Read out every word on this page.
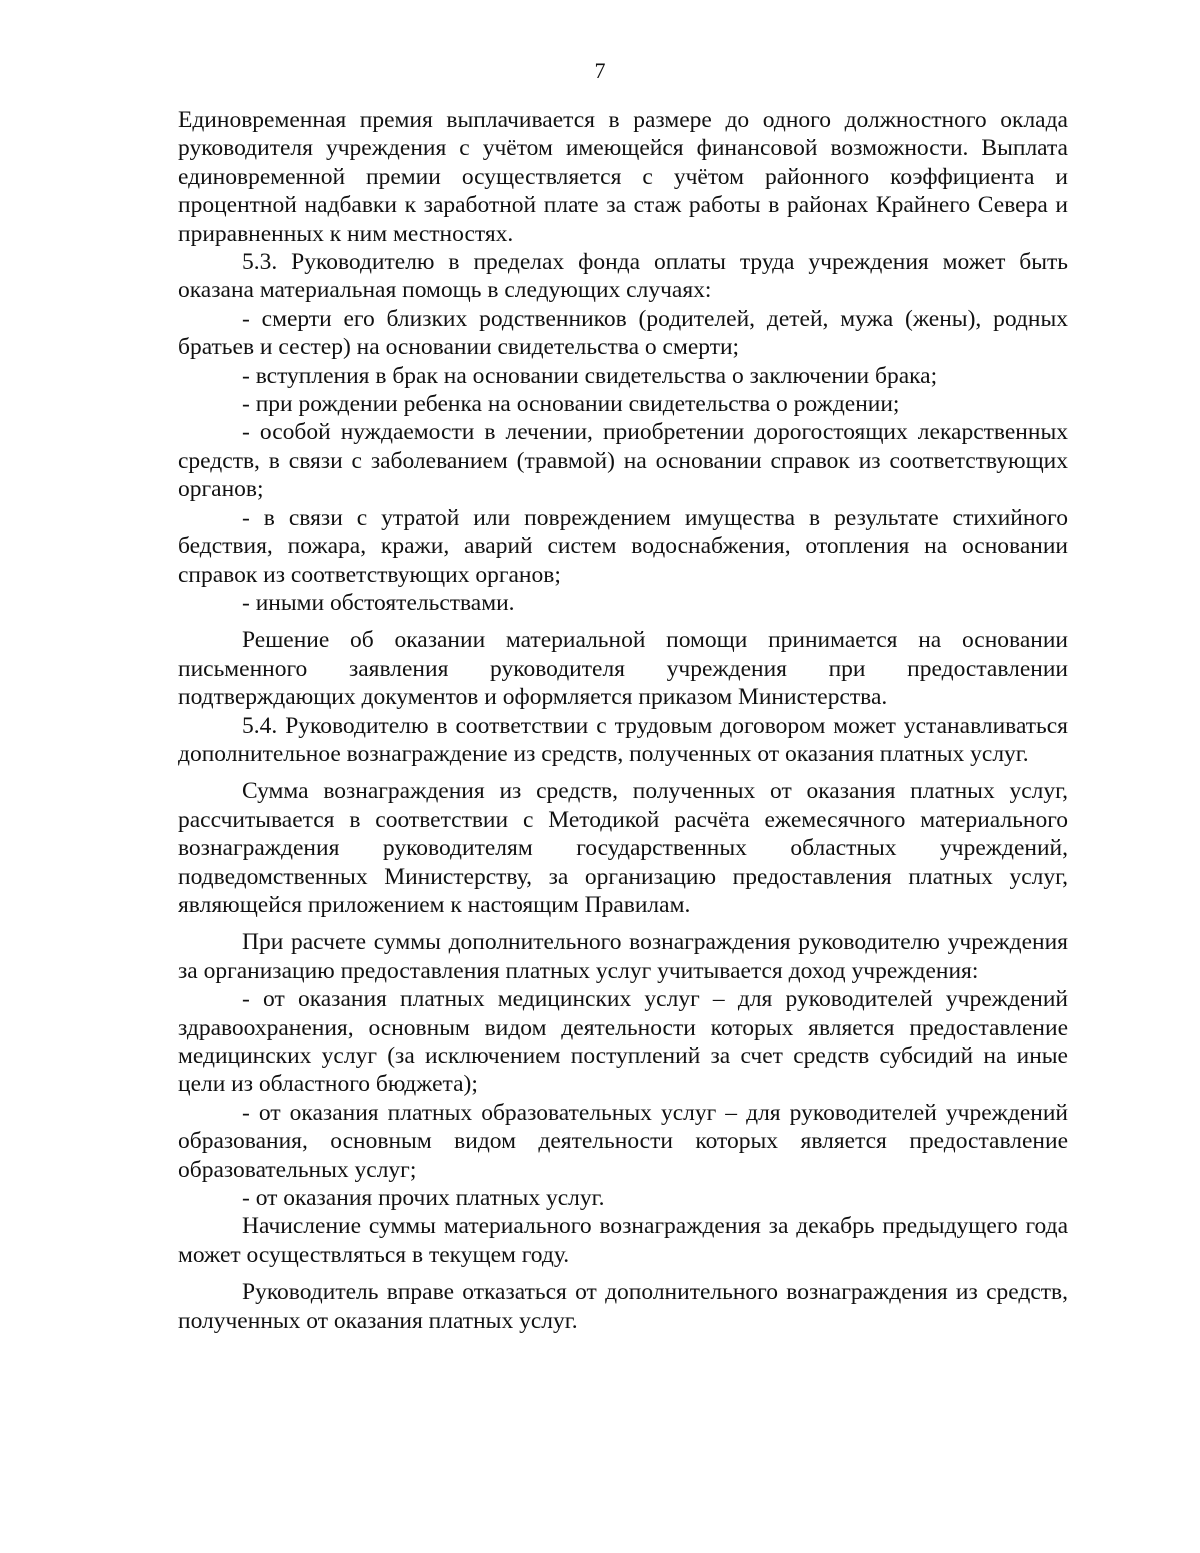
7

Единовременная премия выплачивается в размере до одного должностного оклада руководителя учреждения с учётом имеющейся финансовой возможности. Выплата единовременной премии осуществляется с учётом районного коэффициента и процентной надбавки к заработной плате за стаж работы в районах Крайнего Севера и приравненных к ним местностях.

5.3. Руководителю в пределах фонда оплаты труда учреждения может быть оказана материальная помощь в следующих случаях:

- смерти его близких родственников (родителей, детей, мужа (жены), родных братьев и сестер) на основании свидетельства о смерти;

- вступления в брак на основании свидетельства о заключении брака;

- при рождении ребенка на основании свидетельства о рождении;

- особой нуждаемости в лечении, приобретении дорогостоящих лекарственных средств, в связи с заболеванием (травмой) на основании справок из соответствующих органов;

- в связи с утратой или повреждением имущества в результате стихийного бедствия, пожара, кражи, аварий систем водоснабжения, отопления на основании справок из соответствующих органов;

- иными обстоятельствами.

Решение об оказании материальной помощи принимается на основании письменного заявления руководителя учреждения при предоставлении подтверждающих документов и оформляется приказом Министерства.

5.4. Руководителю в соответствии с трудовым договором может устанавливаться дополнительное вознаграждение из средств, полученных от оказания платных услуг.

Сумма вознаграждения из средств, полученных от оказания платных услуг, рассчитывается в соответствии с Методикой расчёта ежемесячного материального вознаграждения руководителям государственных областных учреждений, подведомственных Министерству, за организацию предоставления платных услуг, являющейся приложением к настоящим Правилам.

При расчете суммы дополнительного вознаграждения руководителю учреждения за организацию предоставления платных услуг учитывается доход учреждения:

- от оказания платных медицинских услуг – для руководителей учреждений здравоохранения, основным видом деятельности которых является предоставление медицинских услуг (за исключением поступлений за счет средств субсидий на иные цели из областного бюджета);

- от оказания платных образовательных услуг – для руководителей учреждений образования, основным видом деятельности которых является предоставление образовательных услуг;

- от оказания прочих платных услуг.

Начисление суммы материального вознаграждения за декабрь предыдущего года может осуществляться в текущем году.

Руководитель вправе отказаться от дополнительного вознаграждения из средств, полученных от оказания платных услуг.
